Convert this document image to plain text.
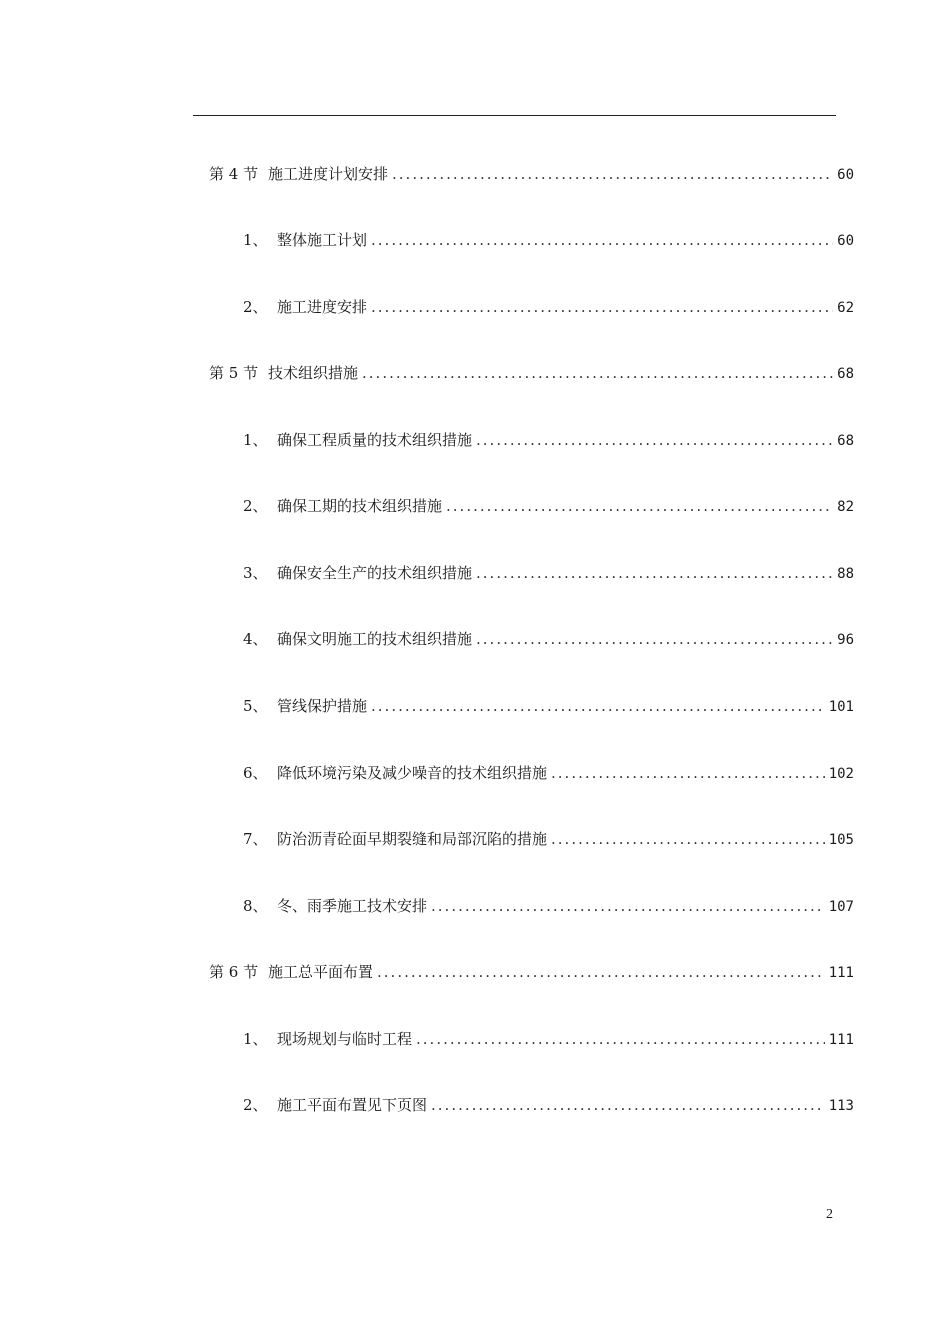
第 4 节 施工进度计划安排 .....	60
1、 整体施工计划 .....	60
2、 施工进度安排 .....	62
第 5 节 技术组织措施 .....	68
1、 确保工程质量的技术组织措施 .....	68
2、 确保工期的技术组织措施 .....	82
3、 确保安全生产的技术组织措施 .....	88
4、 确保文明施工的技术组织措施 .....	96
5、 管线保护措施 .....	101
6、 降低环境污染及减少噪音的技术组织措施 .....	102
7、 防治沥青砼面早期裂缝和局部沉陷的措施 .....	105
8、 冬、雨季施工技术安排 .....	107
第 6 节 施工总平面布置 .....	111
1、 现场规划与临时工程 .....	111
2、 施工平面布置见下页图 .....	113
2
